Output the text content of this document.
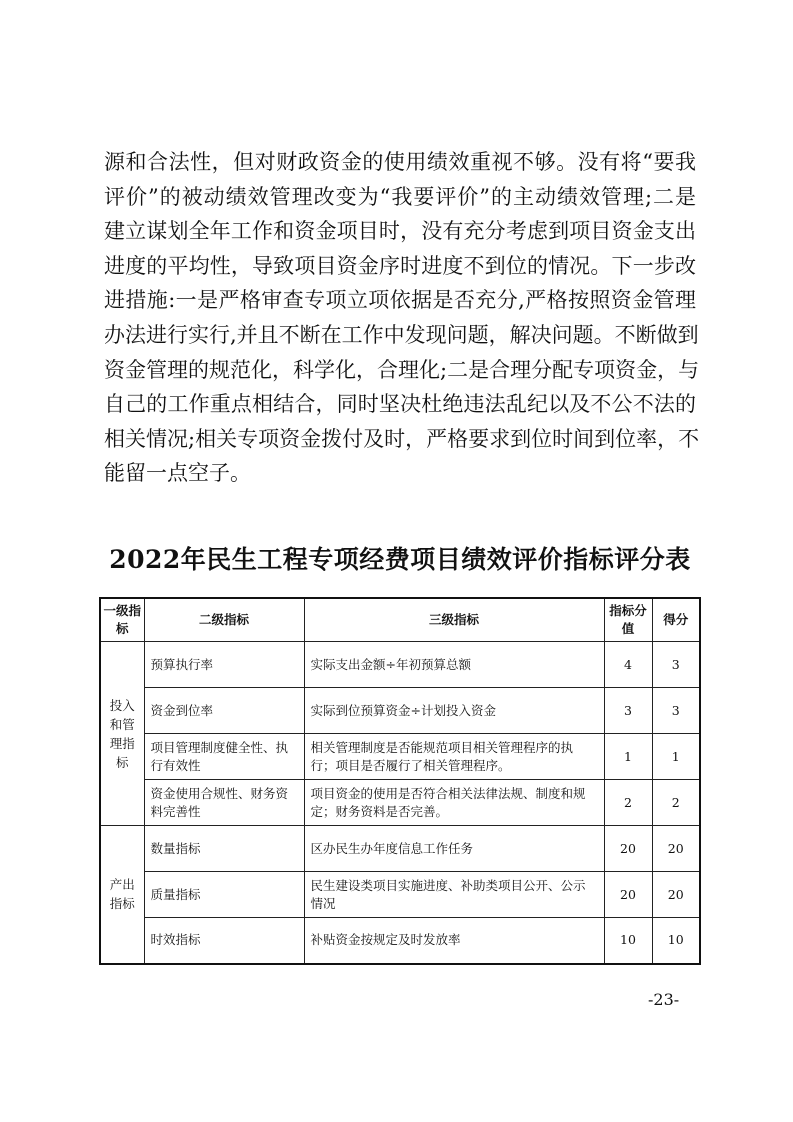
源和合法性，但对财政资金的使用绩效重视不够。没有将“要我
评价”的被动绩效管理改变为“我要评价”的主动绩效管理;二是
建立谋划全年工作和资金项目时，没有充分考虑到项目资金支出
进度的平均性，导致项目资金序时进度不到位的情况。下一步改
进措施:一是严格审查专项立项依据是否充分,严格按照资金管理
办法进行实行,并且不断在工作中发现问题，解决问题。不断做到
资金管理的规范化，科学化，合理化;二是合理分配专项资金，与
自己的工作重点相结合，同时坚决杜绝违法乱纪以及不公不法的
相关情况;相关专项资金拨付及时，严格要求到位时间到位率，不
能留一点空子。
2022年民生工程专项经费项目绩效评价指标评分表
一级指标	二级指标	三级指标	指标分值	得分
投入和管理指标	预算执行率	实际支出金额÷年初预算总额	4	3
	资金到位率	实际到位预算资金÷计划投入资金	3	3
	项目管理制度健全性、执行有效性	相关管理制度是否能规范项目相关管理程序的执行；项目是否履行了相关管理程序。	1	1
	资金使用合规性、财务资料完善性	项目资金的使用是否符合相关法律法规、制度和规定；财务资料是否完善。	2	2
产出指标	数量指标	区办民生办年度信息工作任务	20	20
	质量指标	民生建设类项目实施进度、补助类项目公开、公示情况	20	20
	时效指标	补贴资金按规定及时发放率	10	10
-23-
